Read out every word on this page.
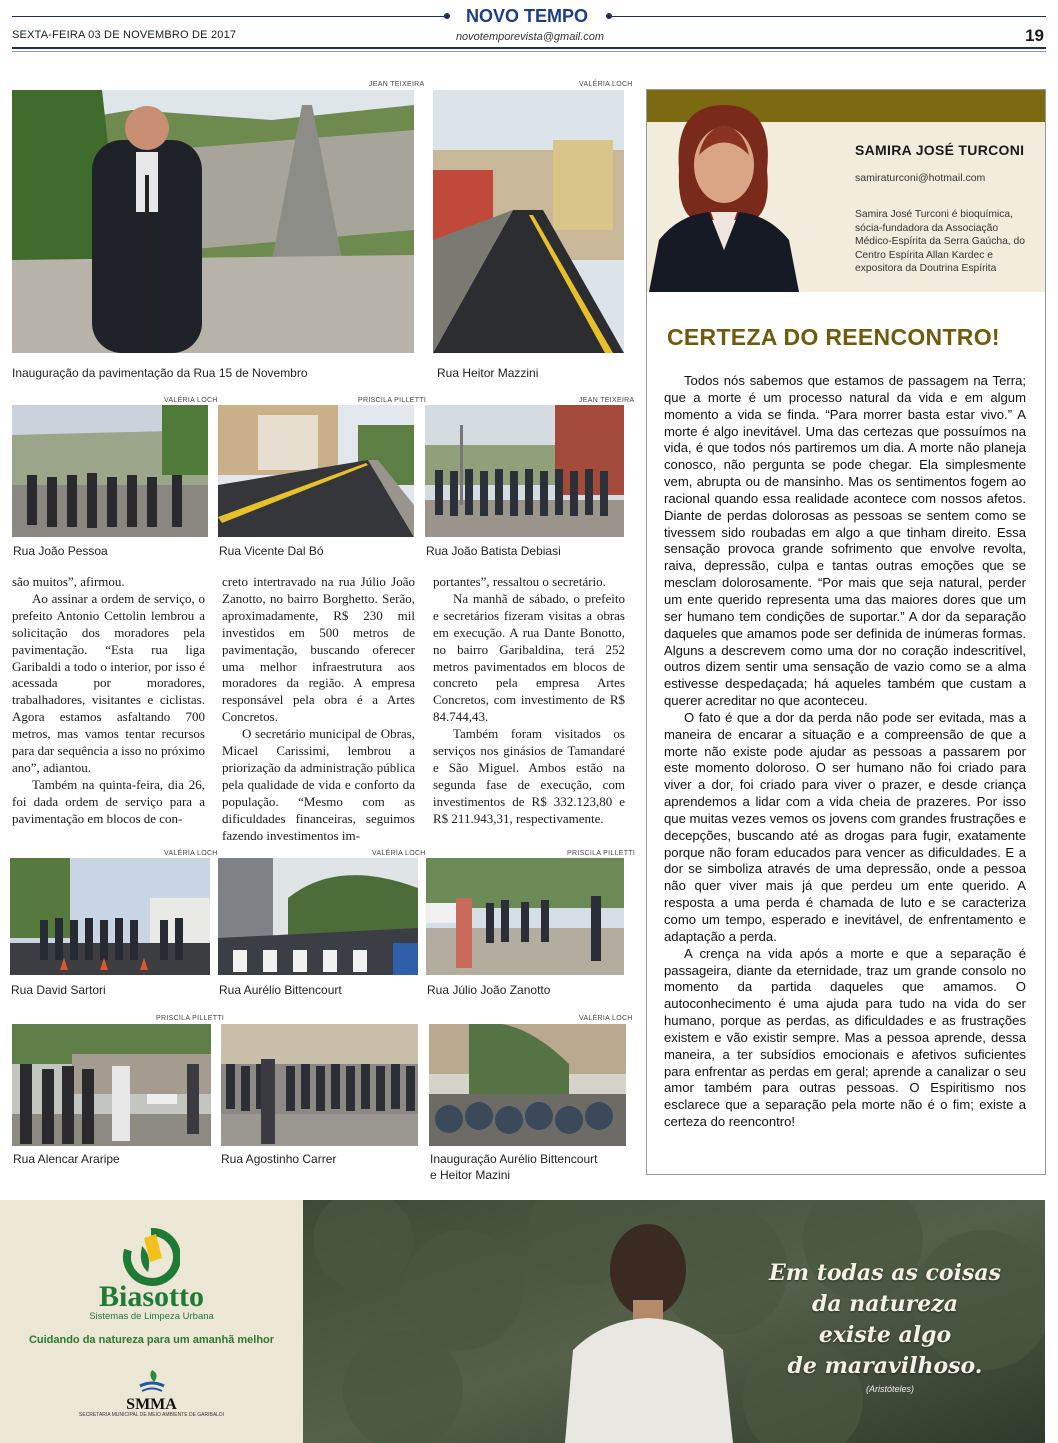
NOVO TEMPO
SEXTA-FEIRA 03 DE NOVEMBRO DE 2017	novotemporevista@gmail.com	19
JEAN TEIXEIRA
Inauguração da pavimentação da Rua 15 de Novembro
VALÉRIA LOCH
Rua Heitor Mazzini
VALÉRIA LOCH
Rua João Pessoa
PRISCILA PILLETTI
Rua Vicente Dal Bó
JEAN TEIXEIRA
Rua João Batista Debiasi

são muitos”, afirmou.

Ao assinar a ordem de serviço, o prefeito Antonio Cettolin lembrou a solicitação dos moradores pela pavimentação. “Esta rua liga Garibaldi a todo o interior, por isso é acessada por moradores, trabalhadores, visitantes e ciclistas. Agora estamos asfaltando 700 metros, mas vamos tentar recursos para dar sequência a isso no próximo ano”, adiantou.

Também na quinta-feira, dia 26, foi dada ordem de serviço para a pavimentação em blocos de con-

creto intertravado na rua Júlio João Zanotto, no bairro Borghetto. Serão, aproximadamente, R$ 230 mil investidos em 500 metros de pavimentação, buscando oferecer uma melhor infraestrutura aos moradores da região. A empresa responsável pela obra é a Artes Concretos.

O secretário municipal de Obras, Micael Carissimi, lembrou a priorização da administração pública pela qualidade de vida e conforto da população. “Mesmo com as dificuldades financeiras, seguimos fazendo investimentos im-

portantes”, ressaltou o secretário.

Na manhã de sábado, o prefeito e secretários fizeram visitas a obras em execução. A rua Dante Bonotto, no bairro Garibaldina, terá 252 metros pavimentados em blocos de concreto pela empresa Artes Concretos, com investimento de R$ 84.744,43.

Também foram visitados os serviços nos ginásios de Tamandaré e São Miguel. Ambos estão na segunda fase de execução, com investimentos de R$ 332.123,80 e R$ 211.943,31, respectivamente.

VALÉRIA LOCH
Rua David Sartori
VALÉRIA LOCH
Rua Aurélio Bittencourt
PRISCILA PILLETTI
Rua Júlio João Zanotto
PRISCILA PILLETTI
Rua Alencar Araripe	Rua Agostinho Carrer
VALÉRIA LOCH
Inauguração Aurélio Bittencourt
e Heitor Mazini
SAMIRA JOSÉ TURCONI
samiraturconi@hotmail.com
Samira José Turconi é bioquímica, sócia-fundadora da Associação Médico-Espírita da Serra Gaúcha, do Centro Espírita Allan Kardec e expositora da Doutrina Espírita
CERTEZA DO REENCONTRO!

Todos nós sabemos que estamos de passagem na Terra; que a morte é um processo natural da vida e em algum momento a vida se finda. “Para morrer basta estar vivo.” A morte é algo inevitável. Uma das certezas que possuímos na vida, é que todos nós partiremos um dia. A morte não planeja conosco, não pergunta se pode chegar. Ela simplesmente vem, abrupta ou de mansinho. Mas os sentimentos fogem ao racional quando essa realidade acontece com nossos afetos. Diante de perdas dolorosas as pessoas se sentem como se tivessem sido roubadas em algo a que tinham direito. Essa sensação provoca grande sofrimento que envolve revolta, raiva, depressão, culpa e tantas outras emoções que se mesclam dolorosamente. “Por mais que seja natural, perder um ente querido representa uma das maiores dores que um ser humano tem condições de suportar.” A dor da separação daqueles que amamos pode ser definida de inúmeras formas. Alguns a descrevem como uma dor no coração indescritível, outros dizem sentir uma sensação de vazio como se a alma estivesse despedaçada; há aqueles também que custam a querer acreditar no que aconteceu.

O fato é que a dor da perda não pode ser evitada, mas a maneira de encarar a situação e a compreensão de que a morte não existe pode ajudar as pessoas a passarem por este momento doloroso. O ser humano não foi criado para viver a dor, foi criado para viver o prazer, e desde criança aprendemos a lidar com a vida cheia de prazeres. Por isso que muitas vezes vemos os jovens com grandes frustrações e decepções, buscando até as drogas para fugir, exatamente porque não foram educados para vencer as dificuldades. E a dor se simboliza através de uma depressão, onde a pessoa não quer viver mais já que perdeu um ente querido. A resposta a uma perda é chamada de luto e se caracteriza como um tempo, esperado e inevitável, de enfrentamento e adaptação a perda.

A crença na vida após a morte e que a separação é passageira, diante da eternidade, traz um grande consolo no momento da partida daqueles que amamos. O autoconhecimento é uma ajuda para tudo na vida do ser humano, porque as perdas, as dificuldades e as frustrações existem e vão existir sempre. Mas a pessoa aprende, dessa maneira, a ter subsídios emocionais e afetivos suficientes para enfrentar as perdas em geral; aprende a canalizar o seu amor também para outras pessoas. O Espiritismo nos esclarece que a separação pela morte não é o fim; existe a certeza do reencontro!

Biasotto
Sistemas de Limpeza Urbana
Cuidando da natureza para um amanhã melhor
SMMA
SECRETARIA MUNICIPAL DE MEIO AMBIENTE DE GARIBALDI
Em todas as coisas
da natureza
existe algo
de maravilhoso.
(Aristóteles)
